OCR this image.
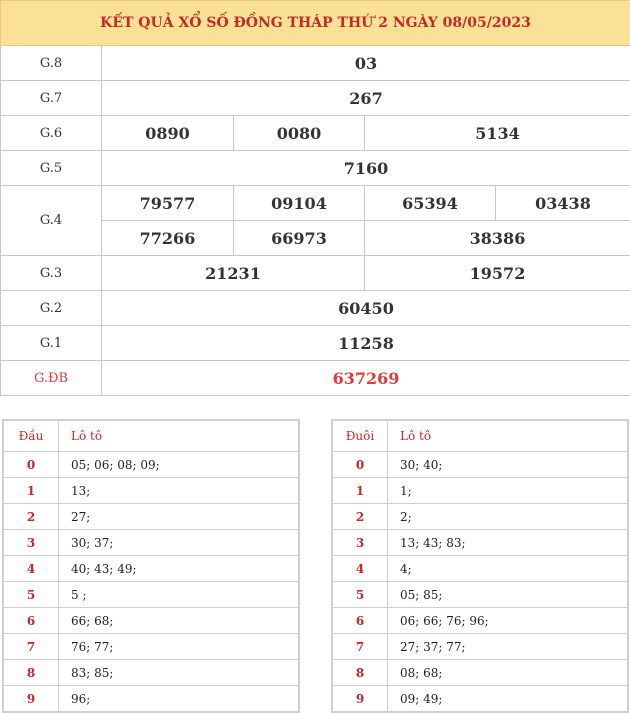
KẾT QUẢ XỔ SỐ ĐỒNG THÁP THỨ 2 NGÀY 08/05/2023				
G.8	03			
G.7	267			
G.6	0890	0080	5134	
G.5	7160			
G.4	79577	09104	65394	03438
	77266	66973	38386	
G.3	21231		19572	
G.2	60450			
G.1	11258			
G.ĐB	637269			
Đầu	Lô tô
0	05; 06; 08; 09;
1	13;
2	27;
3	30; 37;
4	40; 43; 49;
5	5 ;
6	66; 68;
7	76; 77;
8	83; 85;
9	96;
Đuôi	Lô tô
0	30; 40;
1	1;
2	2;
3	13; 43; 83;
4	4;
5	05; 85;
6	06; 66; 76; 96;
7	27; 37; 77;
8	08; 68;
9	09; 49;
